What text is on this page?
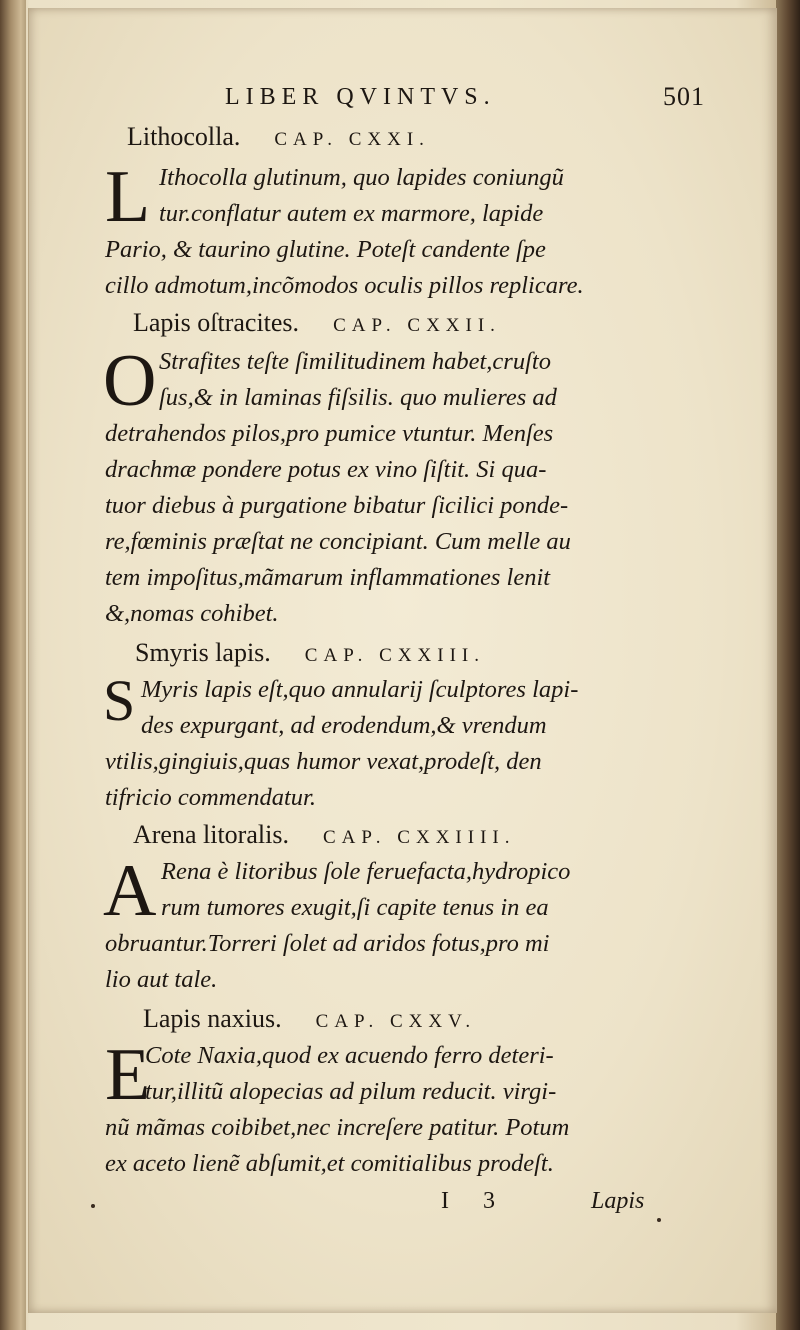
LIBER QVINTVS.	501
Lithocolla. CAP. CXXI.
L Ithocolla glutinum, quo lapides coniungũ
tur.conflatur autem ex marmore, lapide
Pario, & taurino glutine. Poteſt candente ſpe
cillo admotum,incõmodos oculis pillos replicare.
Lapis oſtracites. CAP. CXXII.
O Strafites teſte ſimilitudinem habet,cruſto
ſus,& in laminas fiſsilis. quo mulieres ad
detrahendos pilos,pro pumice vtuntur. Menſes
drachmæ pondere potus ex vino ſiſtit. Si qua-
tuor diebus à purgatione bibatur ſicilici ponde-
re,fœminis præſtat ne concipiant. Cum melle au
tem impoſitus,mãmarum inflammationes lenit
&,nomas cohibet.
Smyris lapis. CAP. CXXIII.
S Myris lapis eſt,quo annularij ſculptores lapi-
des expurgant, ad erodendum,& vrendum
vtilis,gingiuis,quas humor vexat,prodeſt, den
tifricio commendatur.
Arena litoralis. CAP. CXXIIII.
A Rena è litoribus ſole feruefacta,hydropico
rum tumores exugit,ſi capite tenus in ea
obruantur.Torreri ſolet ad aridos fotus,pro mi
lio aut tale.
Lapis naxius. CAP. CXXV.
E
Cote Naxia,quod ex acuendo ferro deteri-
tur,illitũ alopecias ad pilum reducit. virgi-
nũ mãmas coibibet,nec increſere patitur. Potum
ex aceto lienẽ abſumit,et comitialibus prodeſt.
I 3	Lapis
